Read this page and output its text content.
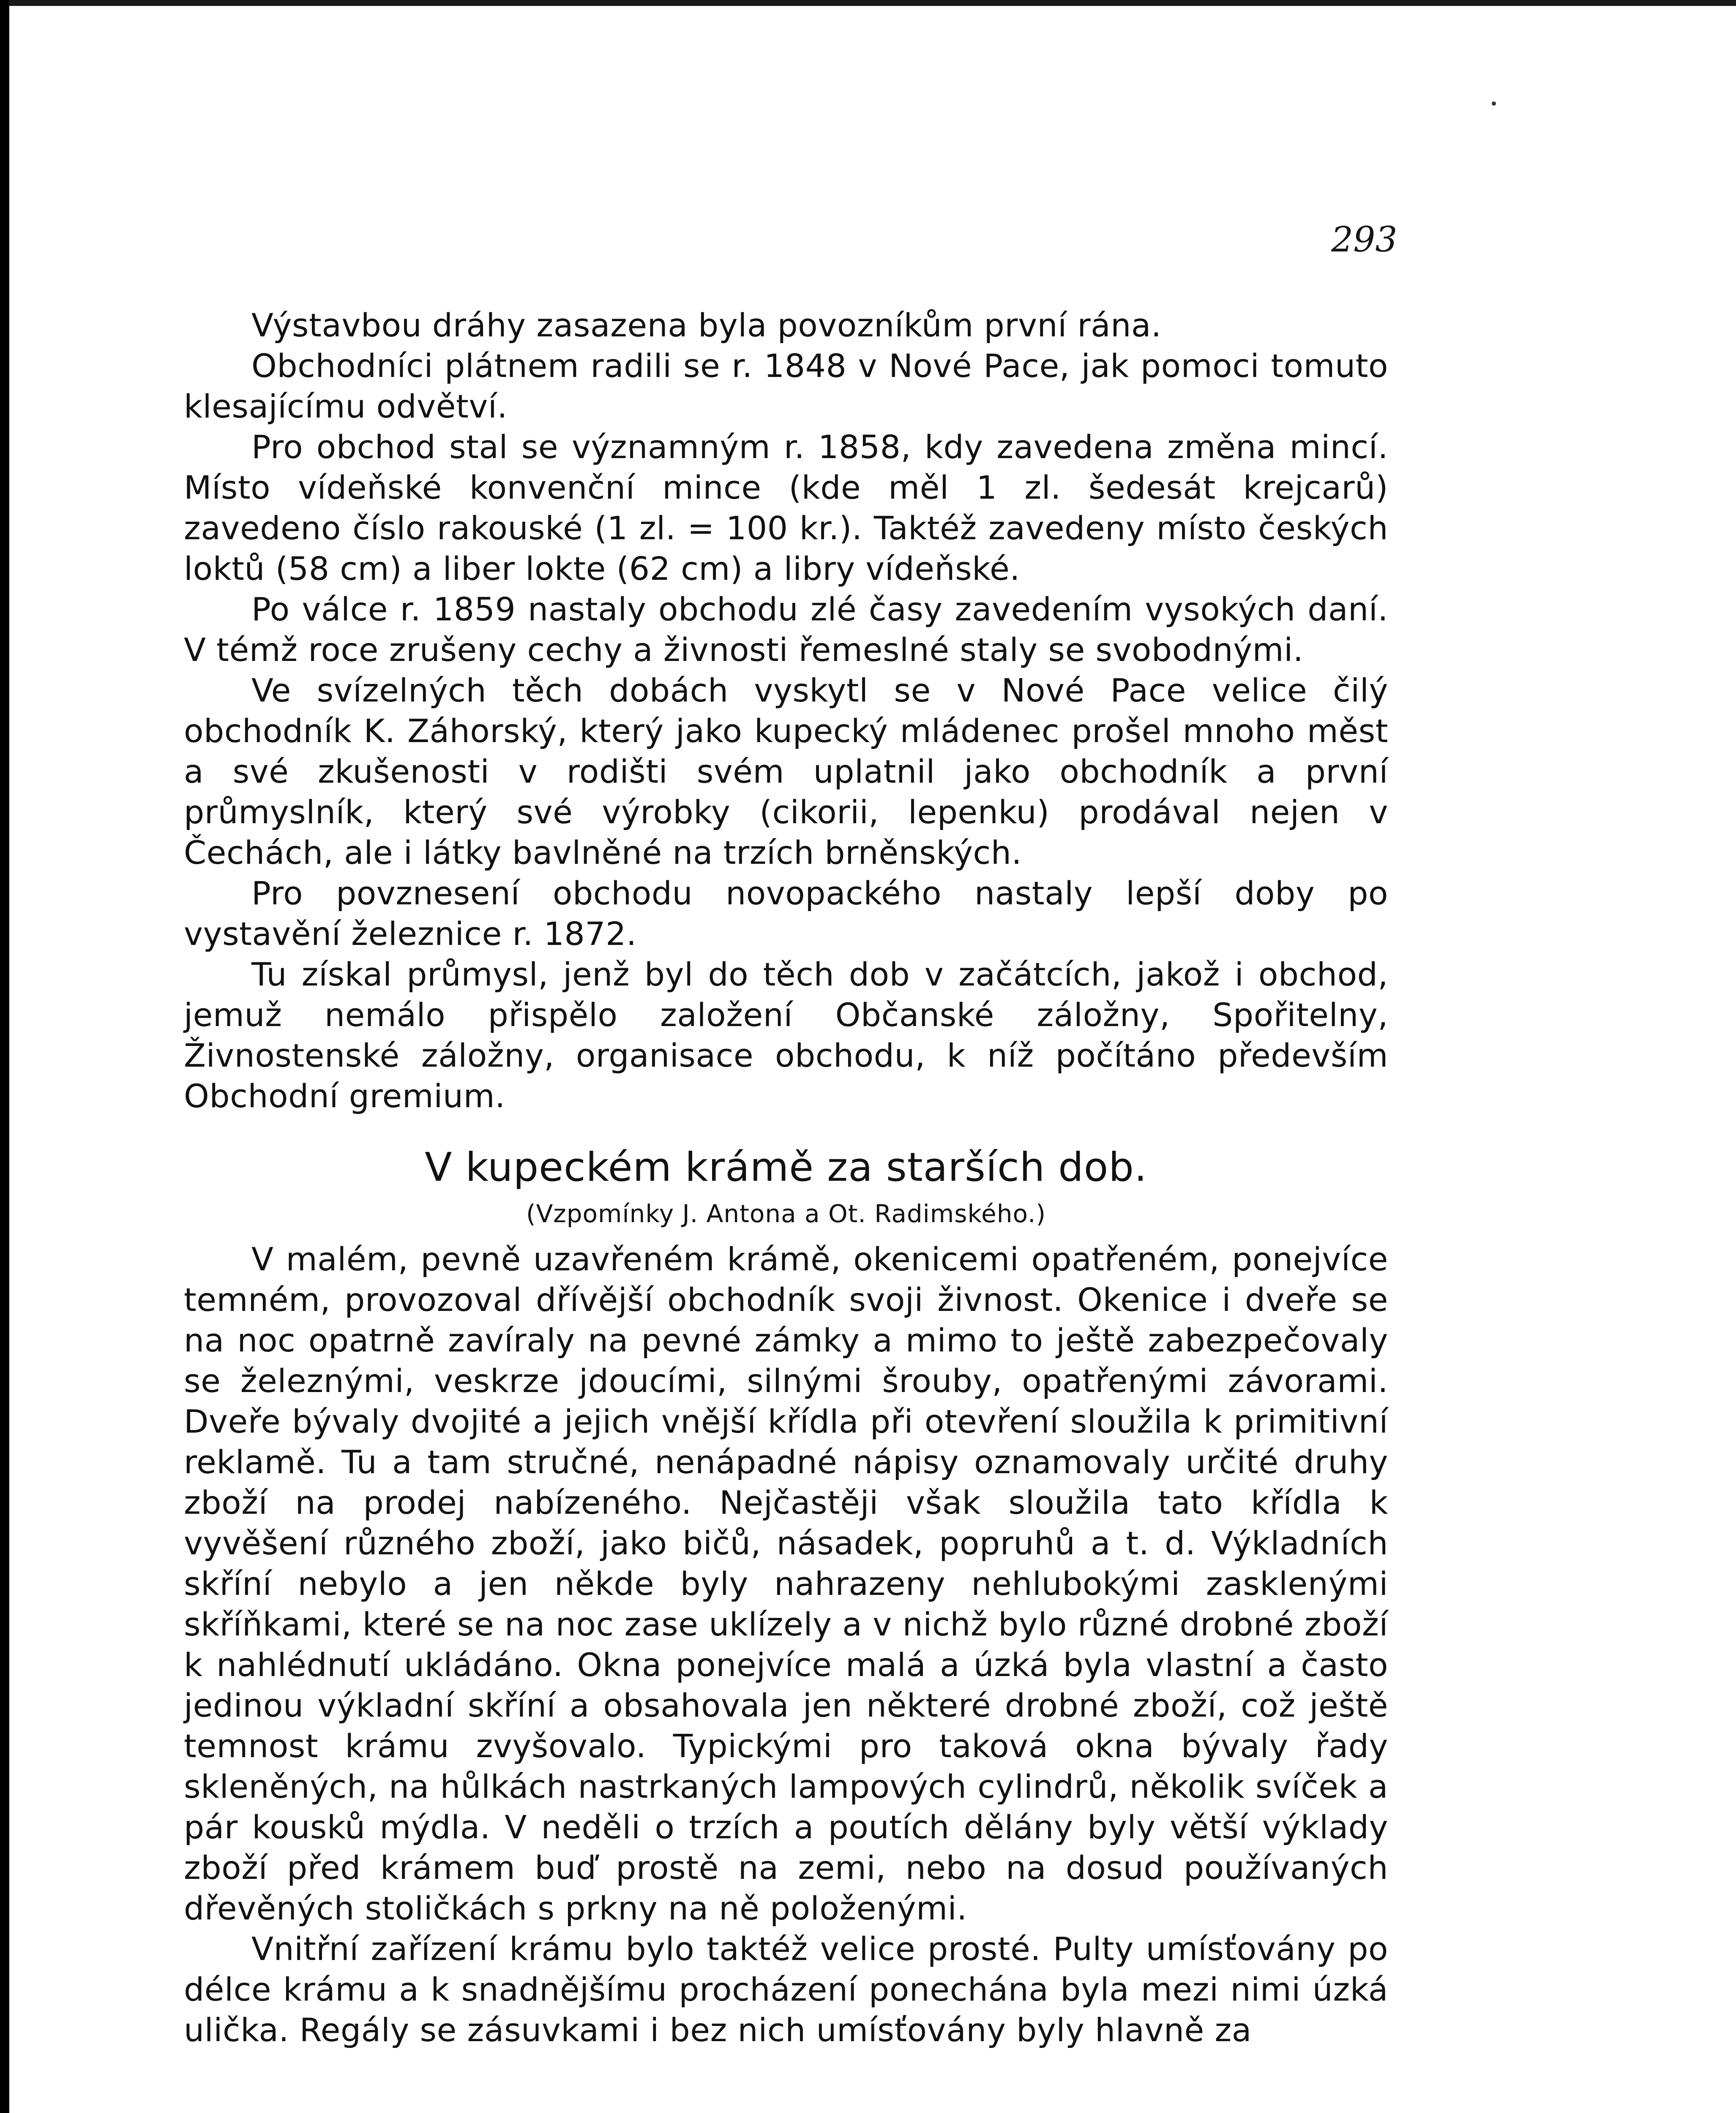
293

Výstavbou dráhy zasazena byla povozníkům první rána.

Obchodníci plátnem radili se r. 1848 v Nové Pace, jak pomoci tomuto klesajícímu odvětví.

Pro obchod stal se významným r. 1858, kdy zavedena změna mincí. Místo vídeňské konvenční mince (kde měl 1 zl. šedesát krejcarů) zavedeno číslo rakouské (1 zl. = 100 kr.). Taktéž zavedeny místo českých loktů (58 cm) a liber lokte (62 cm) a libry vídeňské.

Po válce r. 1859 nastaly obchodu zlé časy zavedením vysokých daní. V témž roce zrušeny cechy a živnosti řemeslné staly se svobodnými.

Ve svízelných těch dobách vyskytl se v Nové Pace velice čilý obchodník K. Záhorský, který jako kupecký mládenec prošel mnoho měst a své zkušenosti v rodišti svém uplatnil jako obchodník a první průmyslník, který své výrobky (cikorii, lepenku) prodával nejen v Čechách, ale i látky bavlněné na trzích brněnských.

Pro povznesení obchodu novopackého nastaly lepší doby po vystavění železnice r. 1872.

Tu získal průmysl, jenž byl do těch dob v začátcích, jakož i obchod, jemuž nemálo přispělo založení Občanské záložny, Spořitelny, Živnostenské záložny, organisace obchodu, k níž počítáno především Obchodní gremium.

V kupeckém krámě za starších dob.
(Vzpomínky J. Antona a Ot. Radimského.)

V malém, pevně uzavřeném krámě, okenicemi opatřeném, ponejvíce temném, provozoval dřívější obchodník svoji živnost. Okenice i dveře se na noc opatrně zavíraly na pevné zámky a mimo to ještě zabezpečovaly se železnými, veskrze jdoucími, silnými šrouby, opatřenými závorami. Dveře bývaly dvojité a jejich vnější křídla při otevření sloužila k primitivní reklamě. Tu a tam stručné, nenápadné nápisy oznamovaly určité druhy zboží na prodej nabízeného. Nejčastěji však sloužila tato křídla k vyvěšení různého zboží, jako bičů, násadek, popruhů a t. d. Výkladních skříní nebylo a jen někde byly nahrazeny nehlubokými zasklenými skříňkami, které se na noc zase uklízely a v nichž bylo různé drobné zboží k nahlédnutí ukládáno. Okna ponejvíce malá a úzká byla vlastní a často jedinou výkladní skříní a obsahovala jen některé drobné zboží, což ještě temnost krámu zvyšovalo. Typickými pro taková okna bývaly řady skleněných, na hůlkách nastrkaných lampových cylindrů, několik svíček a pár kousků mýdla. V neděli o trzích a poutích dělány byly větší výklady zboží před krámem buď prostě na zemi, nebo na dosud používaných dřevěných stoličkách s prkny na ně položenými.

Vnitřní zařízení krámu bylo taktéž velice prosté. Pulty umísťovány po délce krámu a k snadnějšímu procházení ponechána byla mezi nimi úzká ulička. Regály se zásuvkami i bez nich umísťovány byly hlavně za
